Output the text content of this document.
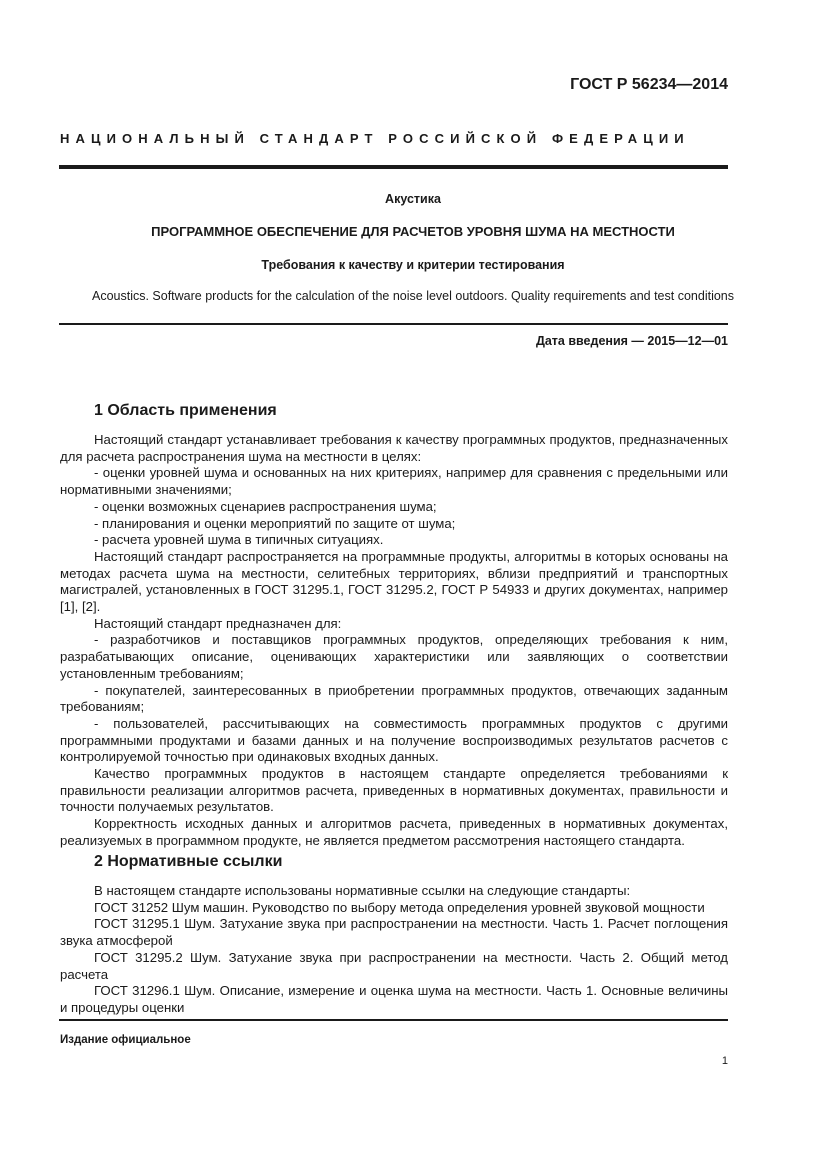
ГОСТ Р 56234—2014
НАЦИОНАЛЬНЫЙ СТАНДАРТ РОССИЙСКОЙ ФЕДЕРАЦИИ
Акустика
ПРОГРАММНОЕ ОБЕСПЕЧЕНИЕ ДЛЯ РАСЧЕТОВ УРОВНЯ ШУМА НА МЕСТНОСТИ
Требования к качеству и критерии тестирования
Acoustics. Software products for the calculation of the noise level outdoors. Quality requirements and test conditions
Дата введения — 2015—12—01
1 Область применения

Настоящий стандарт устанавливает требования к качеству программных продуктов, предназначенных для расчета распространения шума на местности в целях:

- оценки уровней шума и основанных на них критериях, например для сравнения с предельными или нормативными значениями;

- оценки возможных сценариев распространения шума;

- планирования и оценки мероприятий по защите от шума;

- расчета уровней шума в типичных ситуациях.

Настоящий стандарт распространяется на программные продукты, алгоритмы в которых основаны на методах расчета шума на местности, селитебных территориях, вблизи предприятий и транспортных магистралей, установленных в ГОСТ 31295.1, ГОСТ 31295.2, ГОСТ Р 54933 и других документах, например [1], [2].

Настоящий стандарт предназначен для:

- разработчиков и поставщиков программных продуктов, определяющих требования к ним, разрабатывающих описание, оценивающих характеристики или заявляющих о соответствии установленным требованиям;

- покупателей, заинтересованных в приобретении программных продуктов, отвечающих заданным требованиям;

- пользователей, рассчитывающих на совместимость программных продуктов с другими программными продуктами и базами данных и на получение воспроизводимых результатов расчетов с контролируемой точностью при одинаковых входных данных.

Качество программных продуктов в настоящем стандарте определяется требованиями к правильности реализации алгоритмов расчета, приведенных в нормативных документах, правильности и точности получаемых результатов.

Корректность исходных данных и алгоритмов расчета, приведенных в нормативных документах, реализуемых в программном продукте, не является предметом рассмотрения настоящего стандарта.

2 Нормативные ссылки

В настоящем стандарте использованы нормативные ссылки на следующие стандарты:

ГОСТ 31252 Шум машин. Руководство по выбору метода определения уровней звуковой мощности

ГОСТ 31295.1 Шум. Затухание звука при распространении на местности. Часть 1. Расчет поглощения звука атмосферой

ГОСТ 31295.2 Шум. Затухание звука при распространении на местности. Часть 2. Общий метод расчета

ГОСТ 31296.1 Шум. Описание, измерение и оценка шума на местности. Часть 1. Основные величины и процедуры оценки

Издание официальное
1
